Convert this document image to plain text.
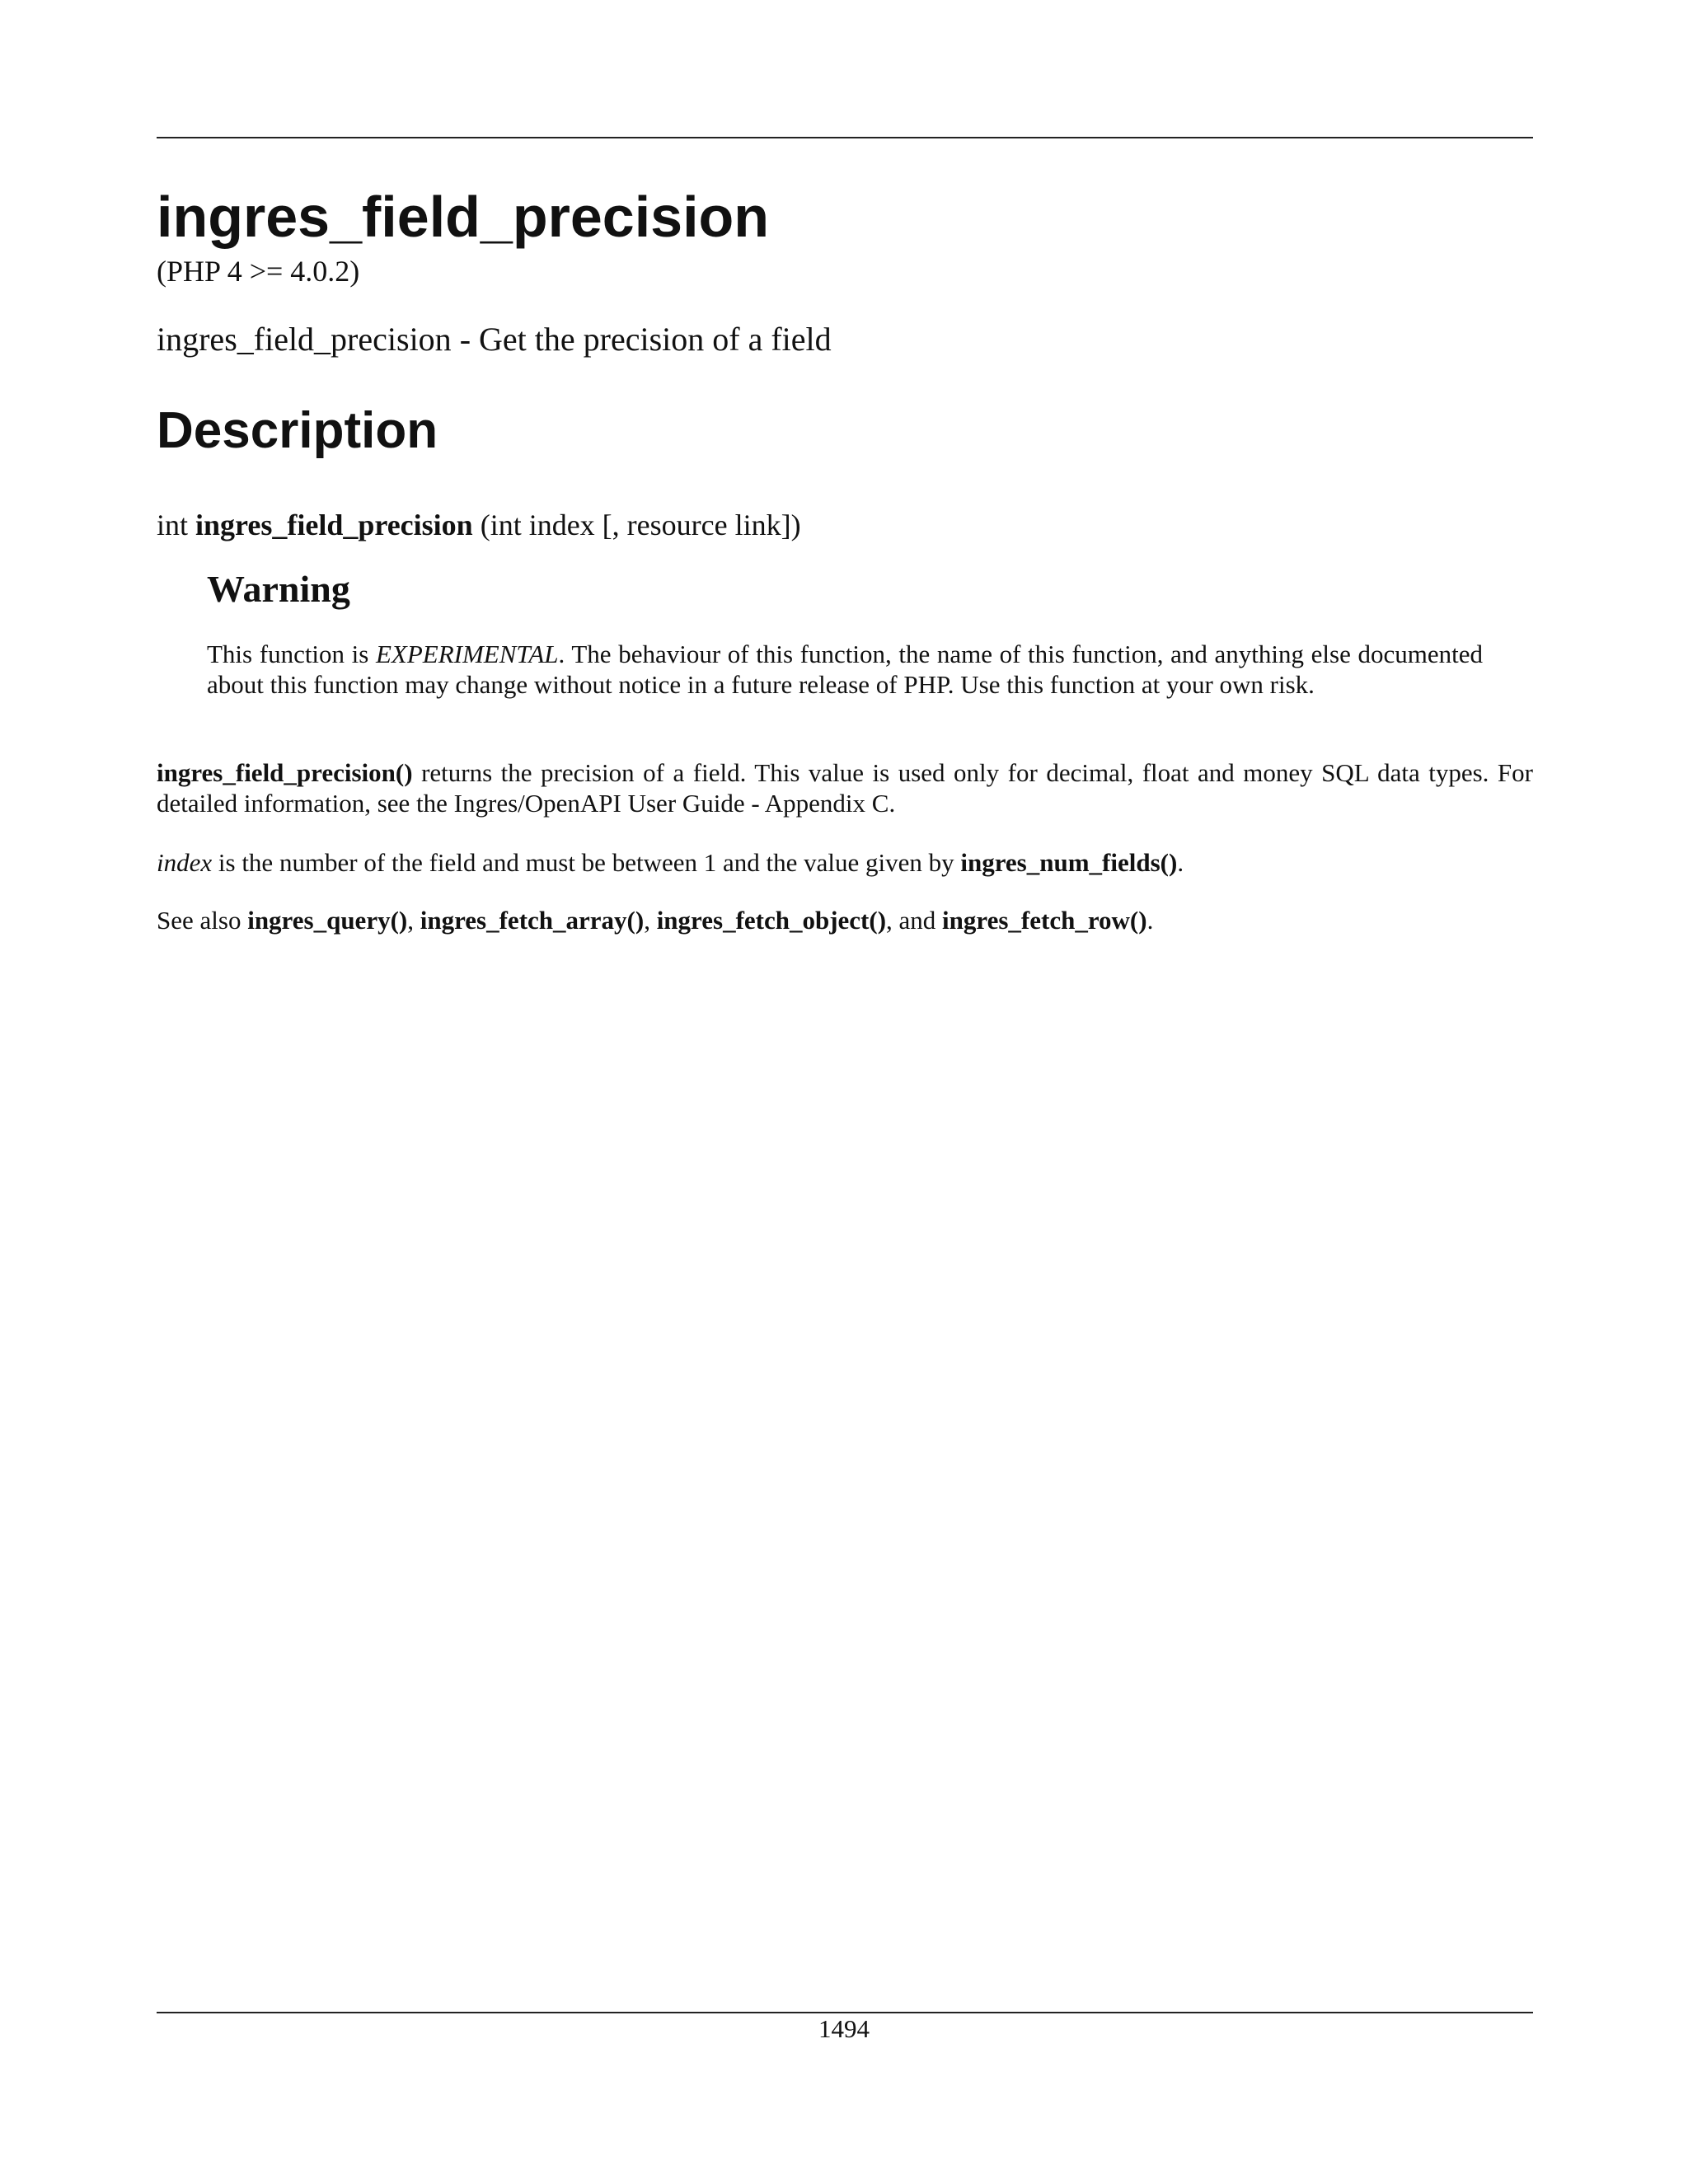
ingres_field_precision
(PHP 4 >= 4.0.2)
ingres_field_precision - Get the precision of a field
Description
int ingres_field_precision (int index [, resource link])
Warning

This function is EXPERIMENTAL. The behaviour of this function, the name of this function, and anything else documented about this function may change without notice in a future release of PHP. Use this function at your own risk.

ingres_field_precision() returns the precision of a field. This value is used only for decimal, float and money SQL data types. For detailed information, see the Ingres/OpenAPI User Guide - Appendix C.

index is the number of the field and must be between 1 and the value given by ingres_num_fields().

See also ingres_query(), ingres_fetch_array(), ingres_fetch_object(), and ingres_fetch_row().

1494
